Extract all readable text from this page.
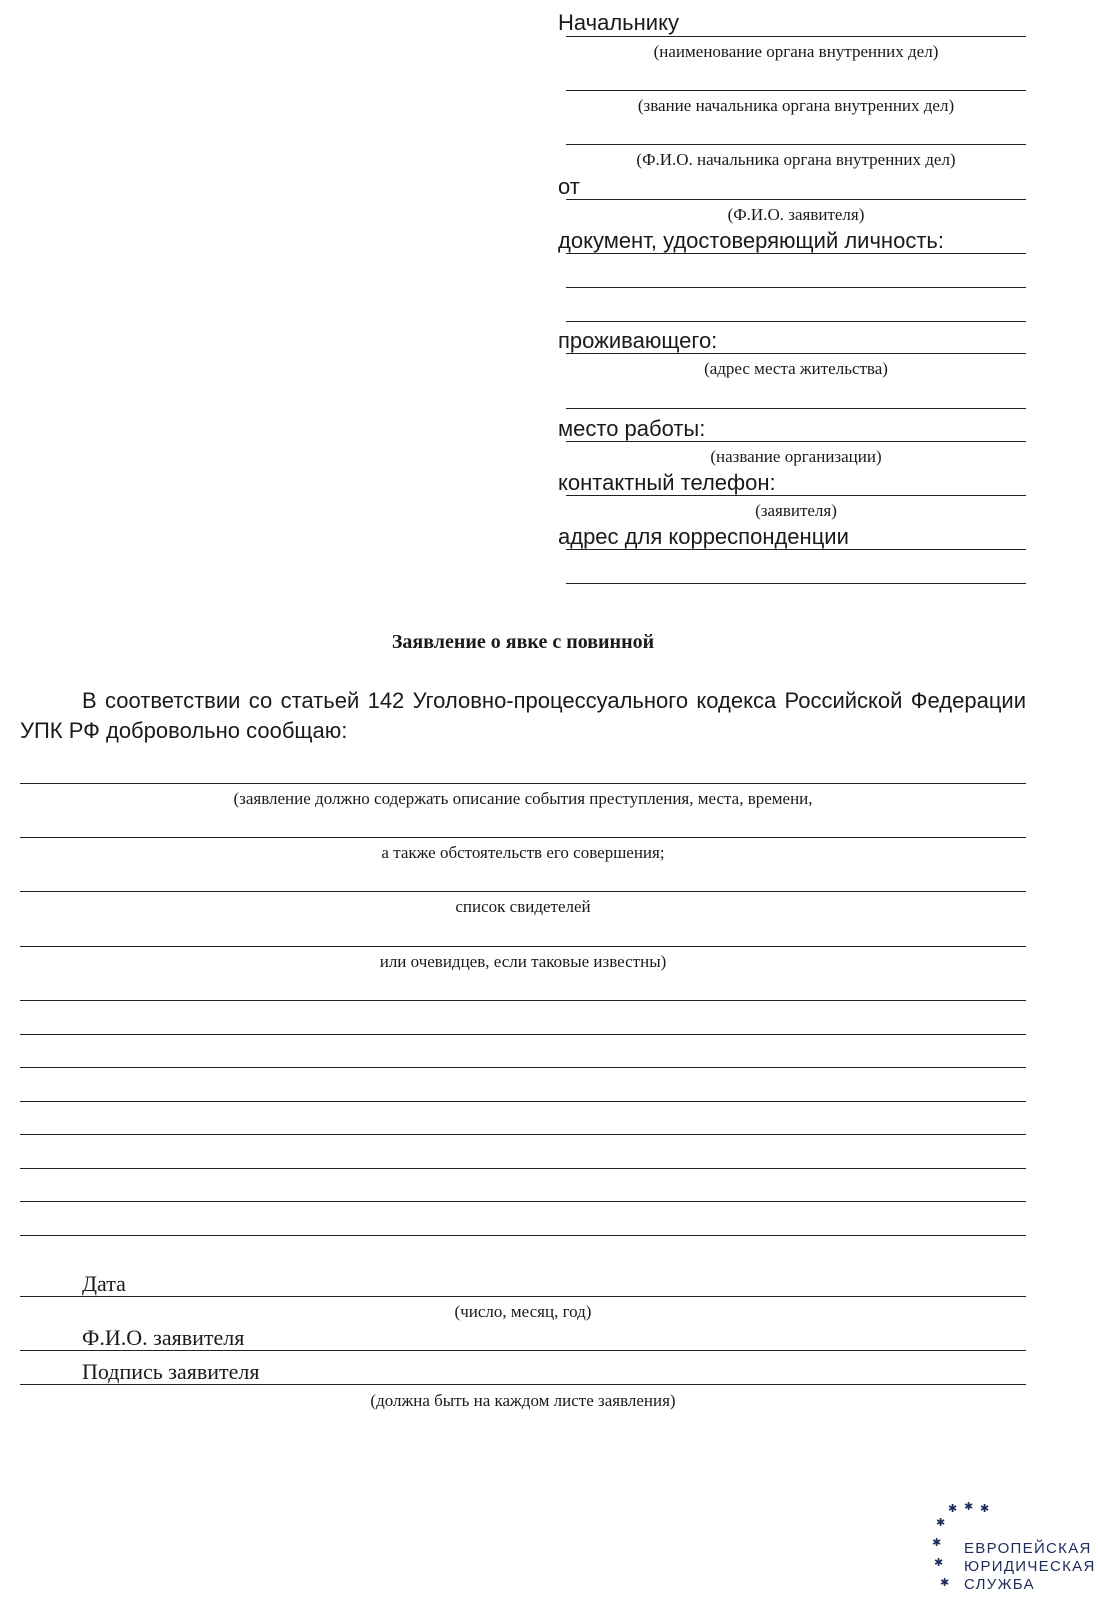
Начальнику
(наименование органа внутренних дел)
(звание начальника органа внутренних дел)
(Ф.И.О. начальника органа внутренних дел)
от
(Ф.И.О. заявителя)
документ, удостоверяющий личность:
проживающего:
(адрес места жительства)
место работы:
(название организации)
контактный телефон:
(заявителя)
адрес для корреспонденции
Заявление о явке с повинной

В соответствии со статьей 142 Уголовно-процессуального кодекса Российской Федерации УПК РФ добровольно сообщаю:

(заявление должно содержать описание события преступления, места, времени,
а также обстоятельств его совершения;
список свидетелей
или очевидцев, если таковые известны)
Дата
(число, месяц, год)
Ф.И.О. заявителя
Подпись заявителя
(должна быть на каждом листе заявления)
✱ ✱ ✱
✱
✱
✱
✱
ЕВРОПЕЙСКАЯ
ЮРИДИЧЕСКАЯ
СЛУЖБА
